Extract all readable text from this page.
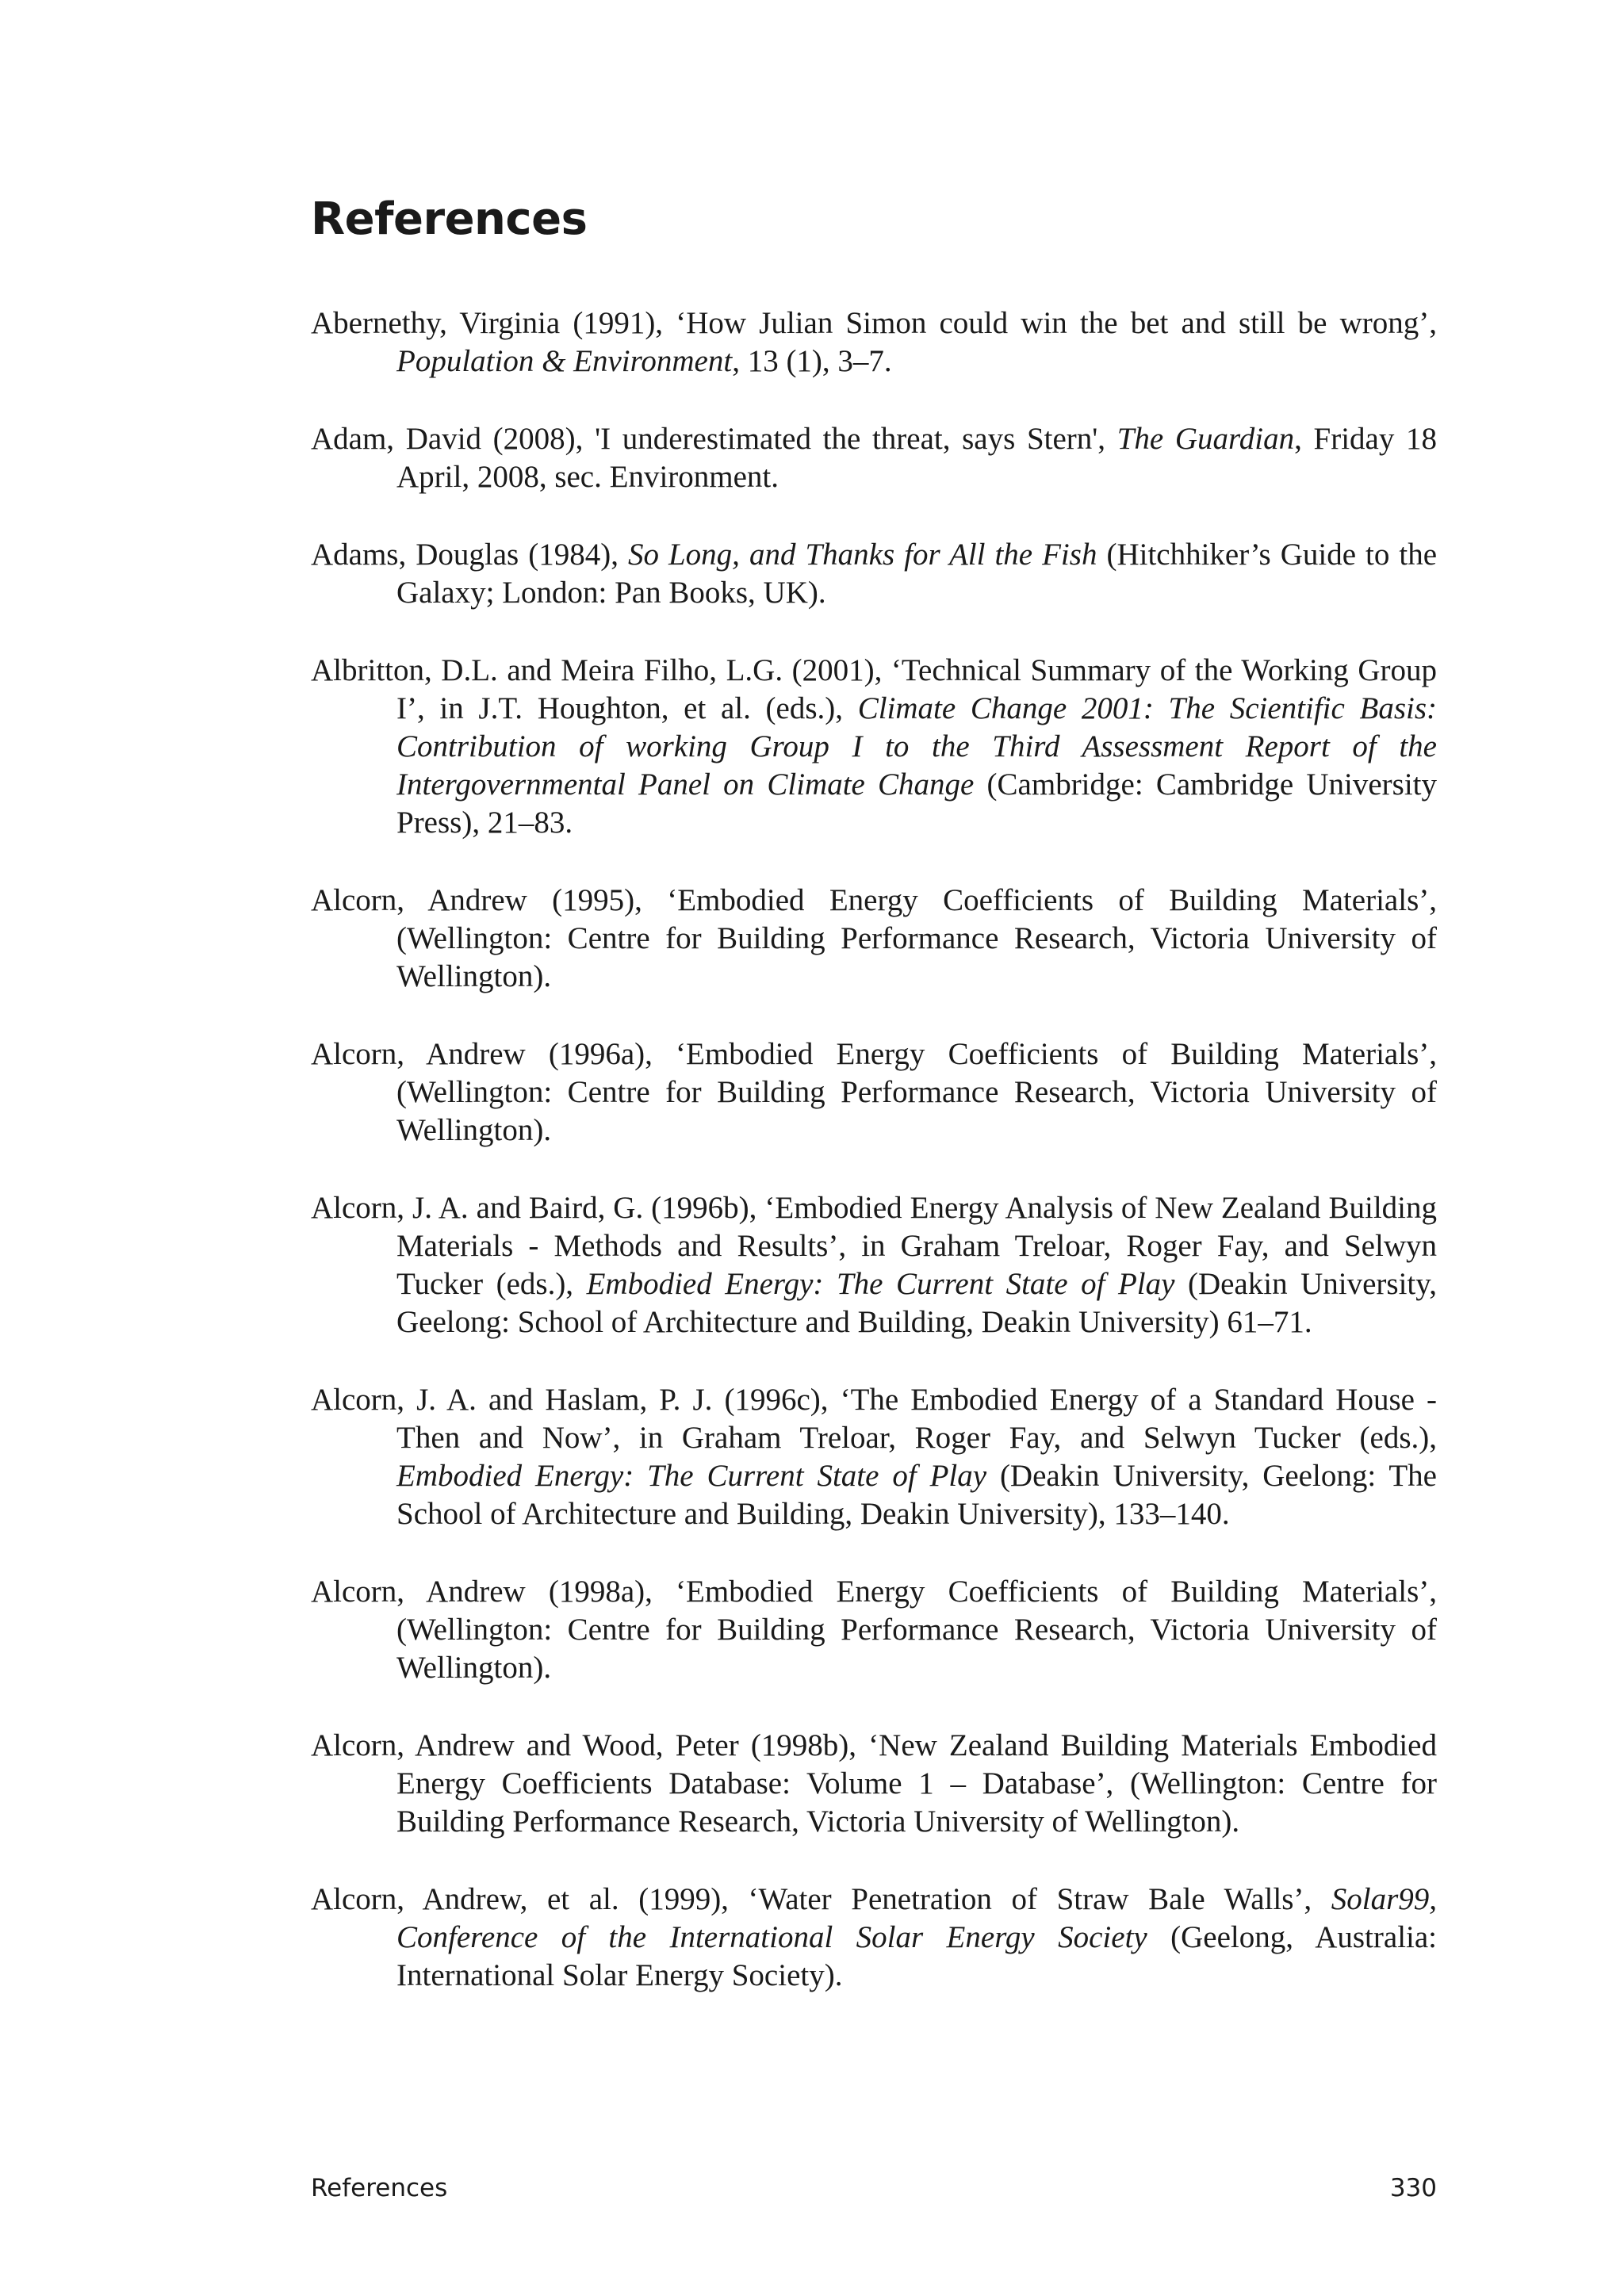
References
Abernethy, Virginia (1991), ‘How Julian Simon could win the bet and still be wrong’, Population & Environment, 13 (1), 3–7.
Adam, David (2008), 'I underestimated the threat, says Stern', The Guardian, Friday 18 April, 2008, sec. Environment.
Adams, Douglas (1984), So Long, and Thanks for All the Fish (Hitchhiker’s Guide to the Galaxy; London: Pan Books, UK).
Albritton, D.L. and Meira Filho, L.G. (2001), ‘Technical Summary of the Working Group I’, in J.T. Houghton, et al. (eds.), Climate Change 2001: The Scientific Basis: Contribution of working Group I to the Third Assessment Report of the Intergovernmental Panel on Climate Change (Cambridge: Cambridge University Press), 21–83.
Alcorn, Andrew (1995), ‘Embodied Energy Coefficients of Building Materials’, (Wellington: Centre for Building Performance Research, Victoria University of Wellington).
Alcorn, Andrew (1996a), ‘Embodied Energy Coefficients of Building Materials’, (Wellington: Centre for Building Performance Research, Victoria University of Wellington).
Alcorn, J. A. and Baird, G. (1996b), ‘Embodied Energy Analysis of New Zealand Building Materials - Methods and Results’, in Graham Treloar, Roger Fay, and Selwyn Tucker (eds.), Embodied Energy: The Current State of Play (Deakin University, Geelong: School of Architecture and Building, Deakin University) 61–71.
Alcorn, J. A. and Haslam, P. J. (1996c), ‘The Embodied Energy of a Standard House - Then and Now’, in Graham Treloar, Roger Fay, and Selwyn Tucker (eds.), Embodied Energy: The Current State of Play (Deakin University, Geelong: The School of Architecture and Building, Deakin University), 133–140.
Alcorn, Andrew (1998a), ‘Embodied Energy Coefficients of Building Materials’, (Wellington: Centre for Building Performance Research, Victoria University of Wellington).
Alcorn, Andrew and Wood, Peter (1998b), ‘New Zealand Building Materials Embodied Energy Coefficients Database: Volume 1 – Database’, (Wellington: Centre for Building Performance Research, Victoria University of Wellington).
Alcorn, Andrew, et al. (1999), ‘Water Penetration of Straw Bale Walls’, Solar99, Conference of the International Solar Energy Society (Geelong, Australia: International Solar Energy Society).
References	330
